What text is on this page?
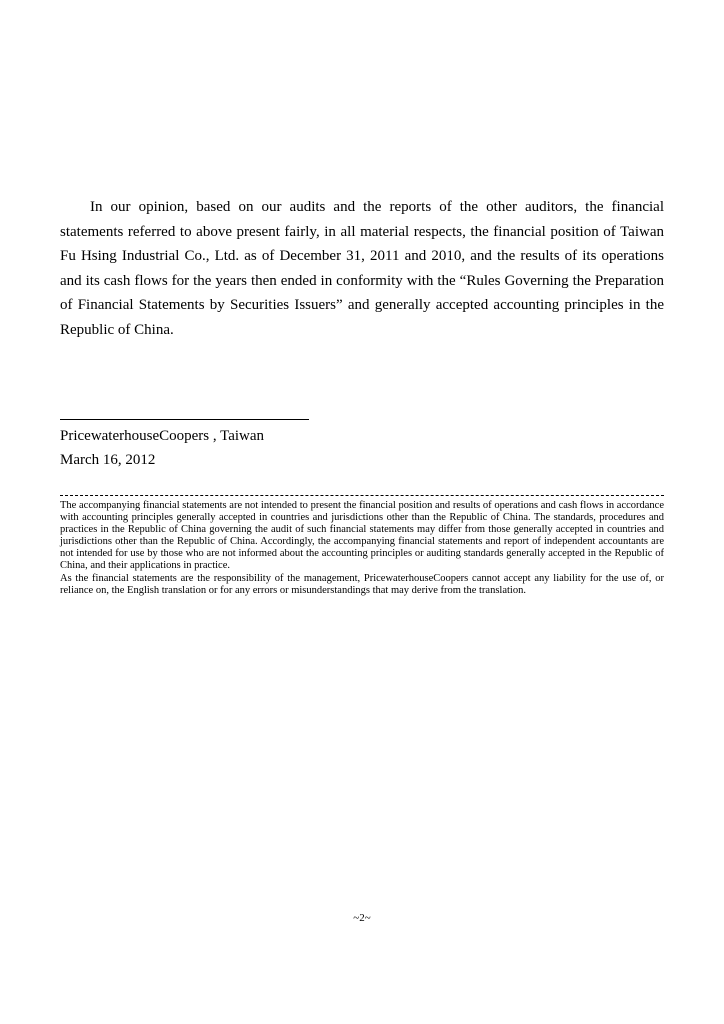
In our opinion, based on our audits and the reports of the other auditors, the financial statements referred to above present fairly, in all material respects, the financial position of Taiwan Fu Hsing Industrial Co., Ltd. as of December 31, 2011 and 2010, and the results of its operations and its cash flows for the years then ended in conformity with the “Rules Governing the Preparation of Financial Statements by Securities Issuers” and generally accepted accounting principles in the Republic of China.

PricewaterhouseCoopers , Taiwan
March 16, 2012

The accompanying financial statements are not intended to present the financial position and results of operations and cash flows in accordance with accounting principles generally accepted in countries and jurisdictions other than the Republic of China. The standards, procedures and practices in the Republic of China governing the audit of such financial statements may differ from those generally accepted in countries and jurisdictions other than the Republic of China. Accordingly, the accompanying financial statements and report of independent accountants are not intended for use by those who are not informed about the accounting principles or auditing standards generally accepted in the Republic of China, and their applications in practice.

As the financial statements are the responsibility of the management, PricewaterhouseCoopers cannot accept any liability for the use of, or reliance on, the English translation or for any errors or misunderstandings that may derive from the translation.

~2~
